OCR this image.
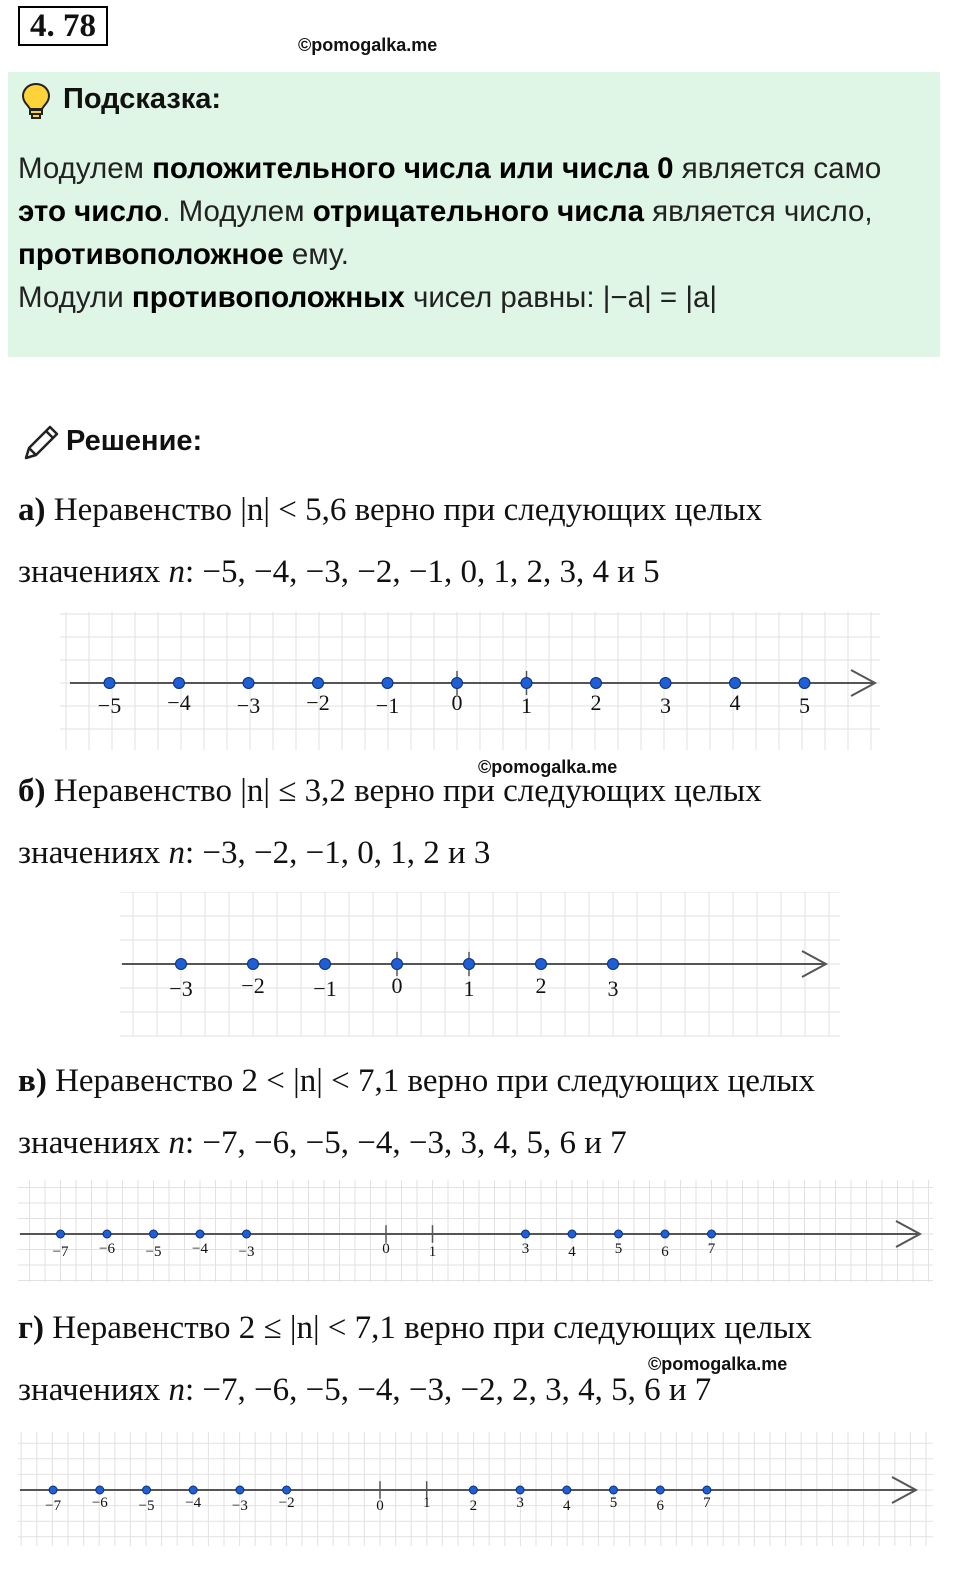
4. 78
©pomogalka.me
Подсказка:
Модулем положительного числа или числа 0 является само
это число. Модулем отрицательного числа является число,
противоположное ему.
Модули противоположных чисел равны: |−a| = |a|
Решение:
а) Неравенство |n| < 5,6 верно при следующих целых
значениях n: −5, −4, −3, −2, −1, 0, 1, 2, 3, 4 и 5
−5 −4 −3 −2 −1 0	1	2	3	4	5
©pomogalka.me
б) Неравенство |n| ≤ 3,2 верно при следующих целых
значениях n: −3, −2, −1, 0, 1, 2 и 3
−3 −2 −1 0	1	2	3
в) Неравенство 2 < |n| < 7,1 верно при следующих целых
значениях n: −7, −6, −5, −4, −3, 3, 4, 5, 6 и 7
−7 −6 −5 −4 −3	0	1	3	4	5	6	7
г) Неравенство 2 ≤ |n| < 7,1 верно при следующих целых
значениях n: −7, −6, −5, −4, −3, −2, 2, 3, 4, 5, 6 и 7
©pomogalka.me
−7 −6 −5 −4 −3 −2	0	1	2	3	4	5	6	7
